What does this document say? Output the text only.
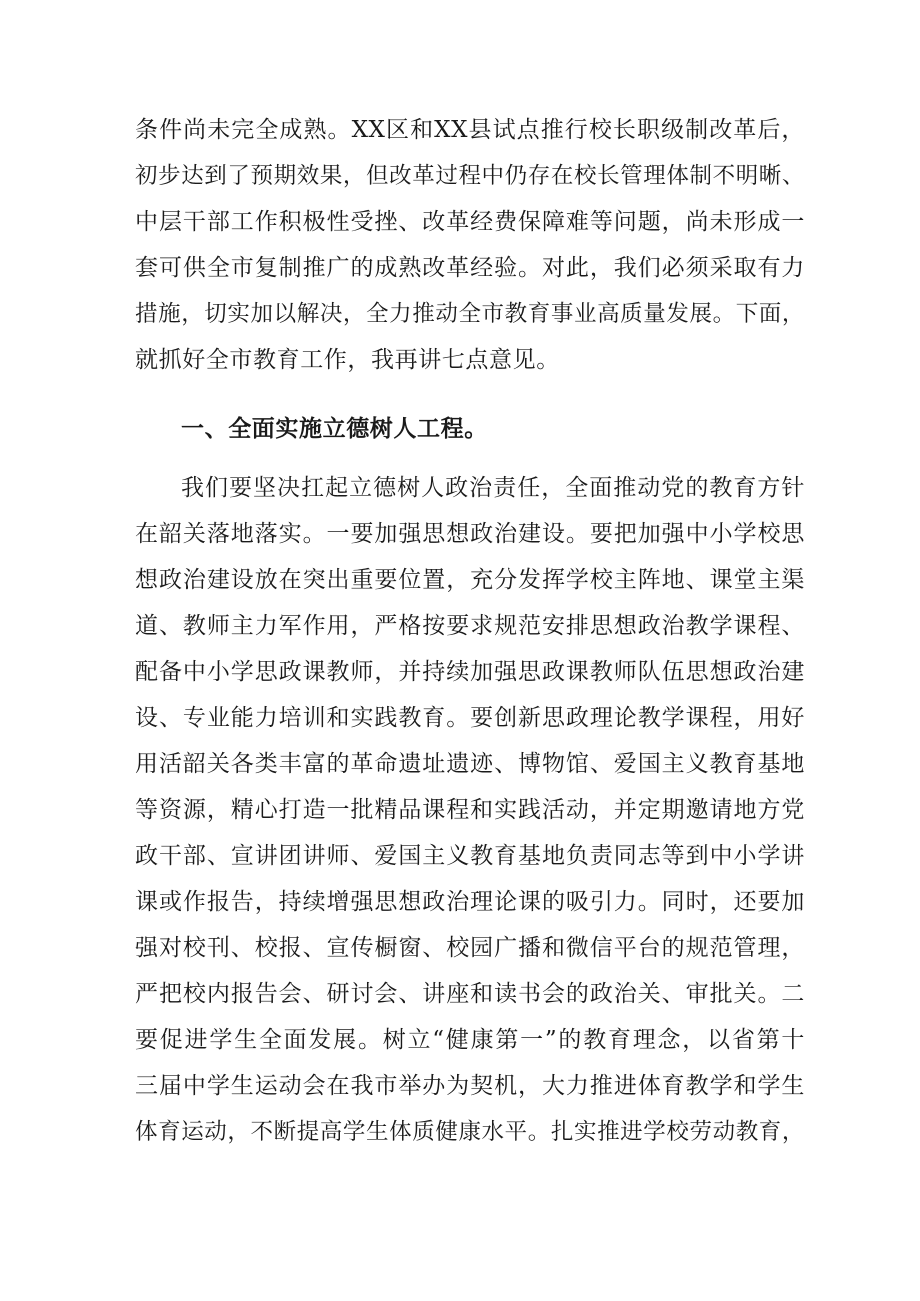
条件尚未完全成熟。XX区和XX县试点推行校长职级制改革后，
初步达到了预期效果，但改革过程中仍存在校长管理体制不明晰、
中层干部工作积极性受挫、改革经费保障难等问题，尚未形成一
套可供全市复制推广的成熟改革经验。对此，我们必须采取有力
措施，切实加以解决，全力推动全市教育事业高质量发展。下面，
就抓好全市教育工作，我再讲七点意见。
一、全面实施立德树人工程。
我们要坚决扛起立德树人政治责任，全面推动党的教育方针
在韶关落地落实。一要加强思想政治建设。要把加强中小学校思
想政治建设放在突出重要位置，充分发挥学校主阵地、课堂主渠
道、教师主力军作用，严格按要求规范安排思想政治教学课程、
配备中小学思政课教师，并持续加强思政课教师队伍思想政治建
设、专业能力培训和实践教育。要创新思政理论教学课程，用好
用活韶关各类丰富的革命遗址遗迹、博物馆、爱国主义教育基地
等资源，精心打造一批精品课程和实践活动，并定期邀请地方党
政干部、宣讲团讲师、爱国主义教育基地负责同志等到中小学讲
课或作报告，持续增强思想政治理论课的吸引力。同时，还要加
强对校刊、校报、宣传橱窗、校园广播和微信平台的规范管理，
严把校内报告会、研讨会、讲座和读书会的政治关、审批关。二
要促进学生全面发展。树立“健康第一”的教育理念，以省第十
三届中学生运动会在我市举办为契机，大力推进体育教学和学生
体育运动，不断提高学生体质健康水平。扎实推进学校劳动教育，
